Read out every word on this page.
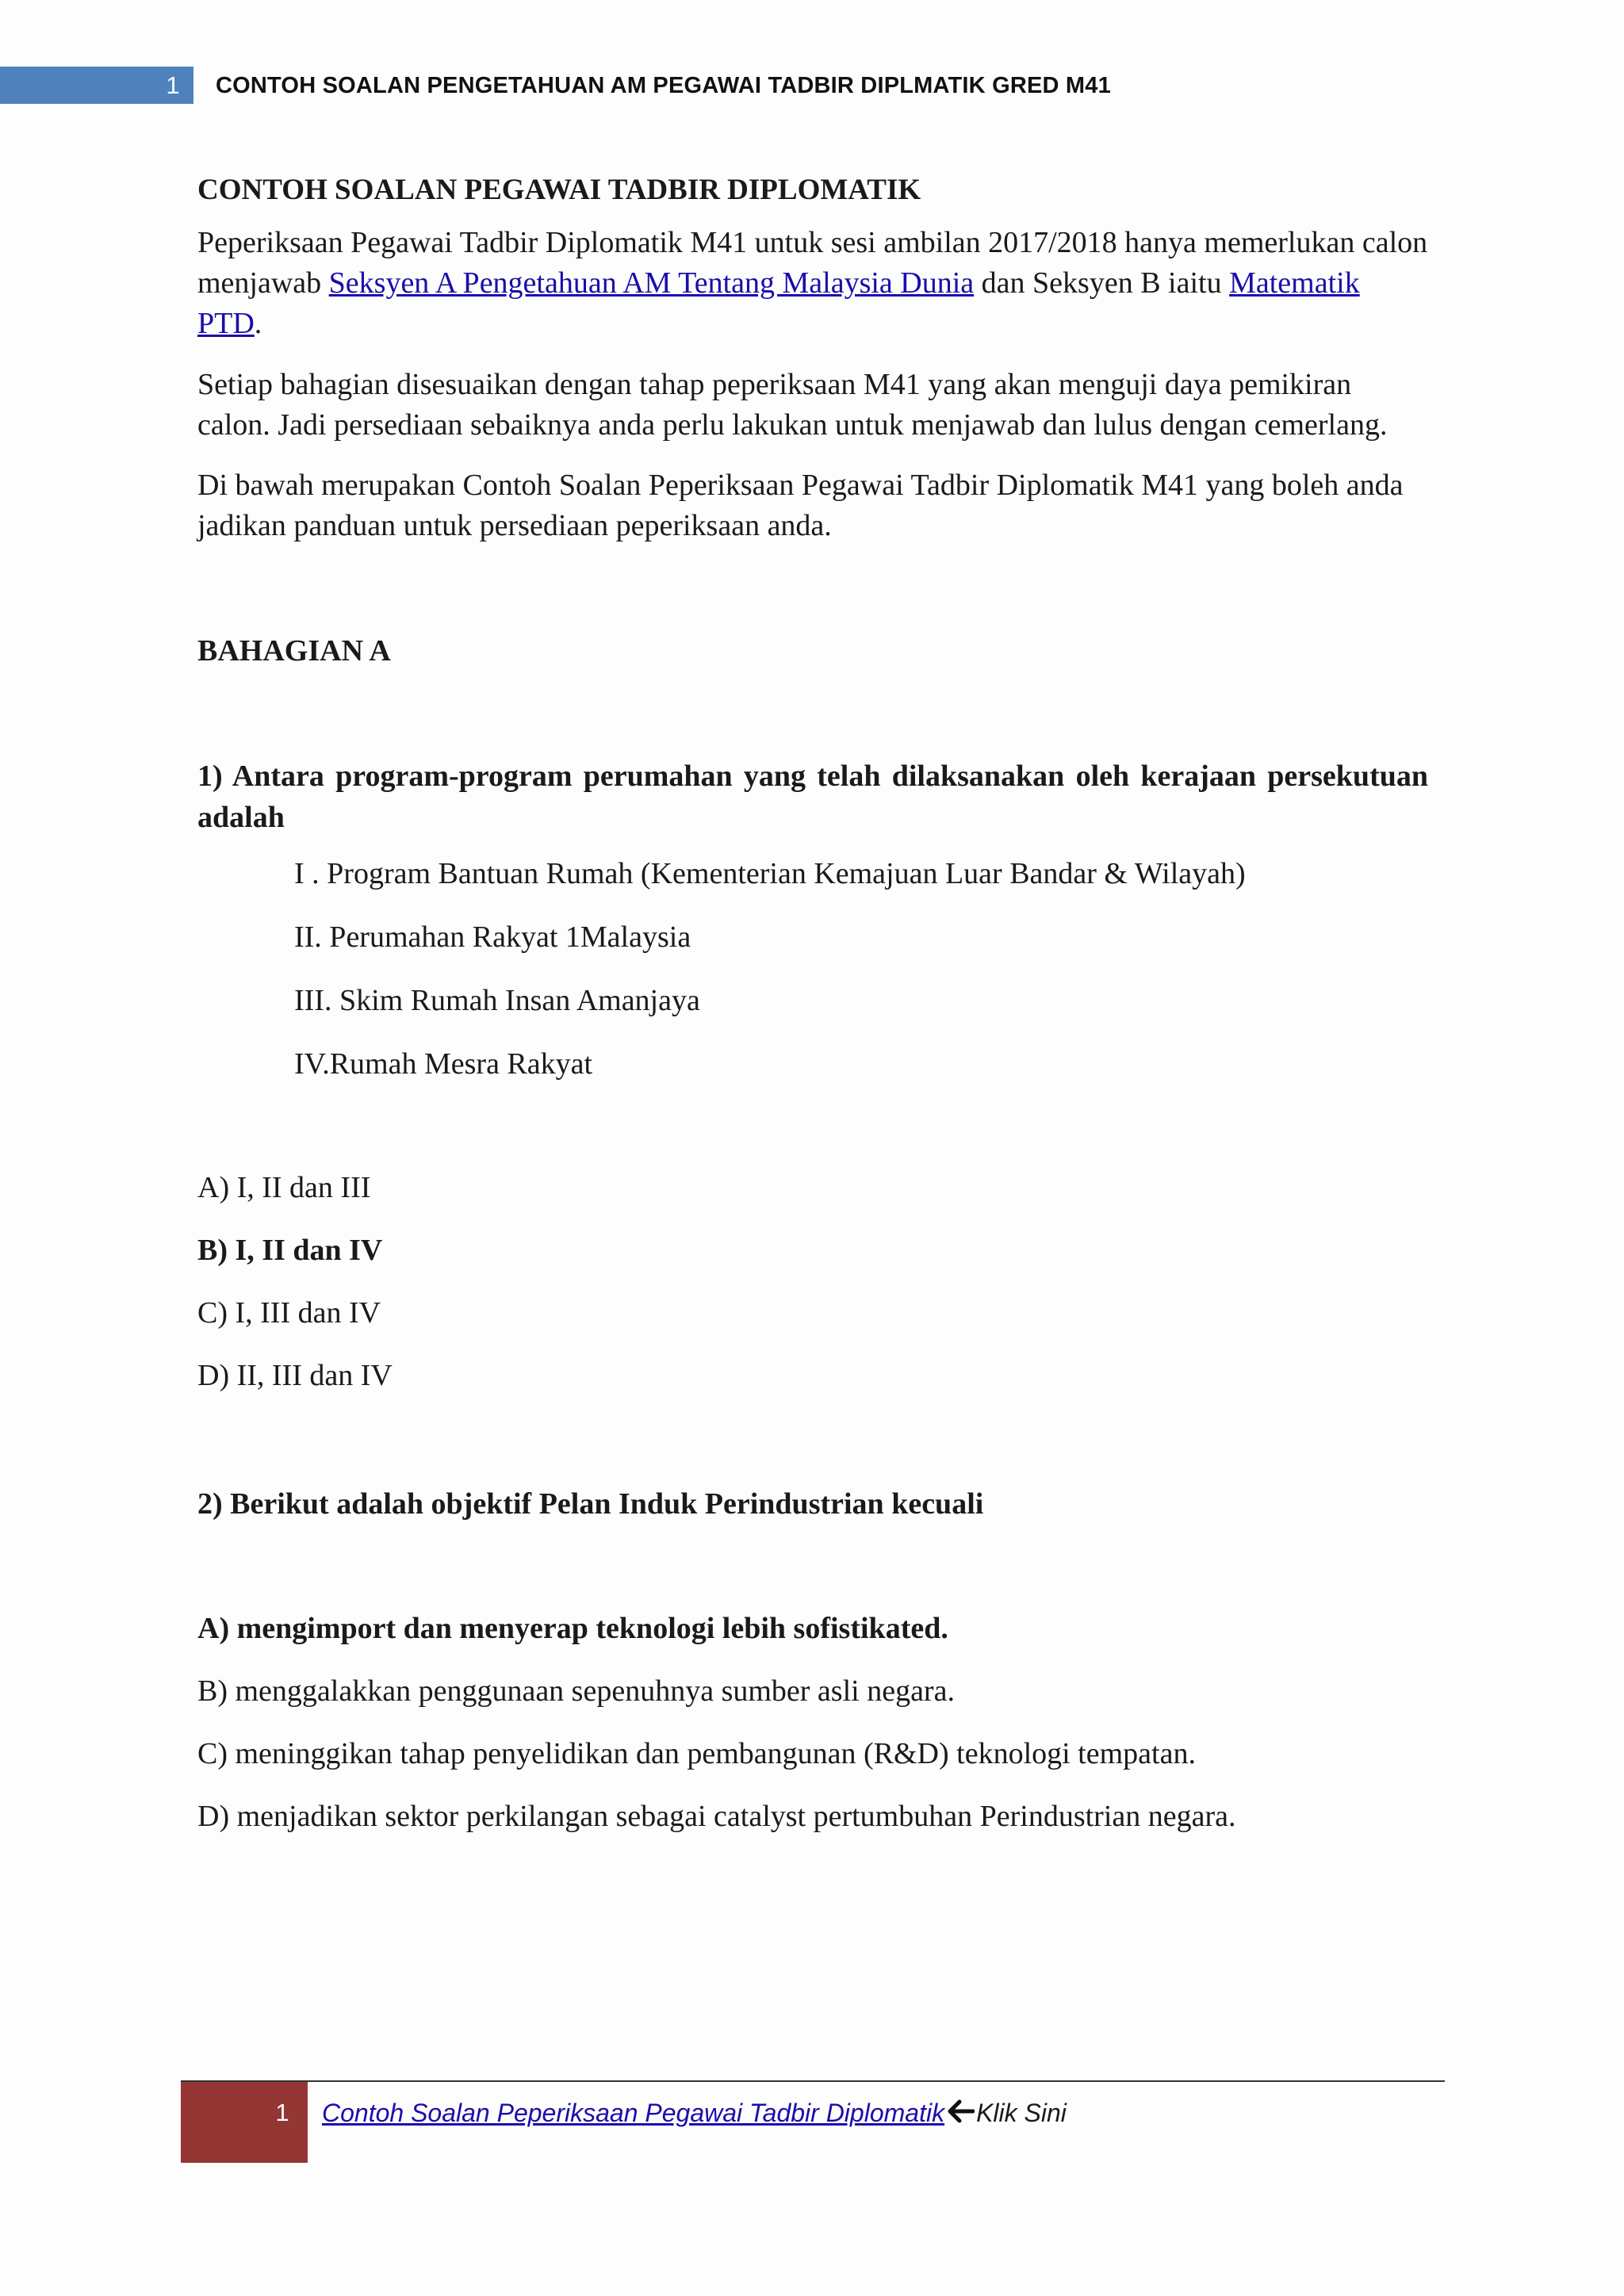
1	CONTOH SOALAN PENGETAHUAN AM PEGAWAI TADBIR DIPLMATIK GRED M41
CONTOH SOALAN PEGAWAI TADBIR DIPLOMATIK

Peperiksaan Pegawai Tadbir Diplomatik M41 untuk sesi ambilan 2017/2018 hanya memerlukan calon menjawab Seksyen A Pengetahuan AM Tentang Malaysia Dunia dan Seksyen B iaitu Matematik PTD.

Setiap bahagian disesuaikan dengan tahap peperiksaan M41 yang akan menguji daya pemikiran calon. Jadi persediaan sebaiknya anda perlu lakukan untuk menjawab dan lulus dengan cemerlang.

Di bawah merupakan Contoh Soalan Peperiksaan Pegawai Tadbir Diplomatik M41 yang boleh anda jadikan panduan untuk persediaan peperiksaan anda.

BAHAGIAN A
1) Antara program-program perumahan yang telah dilaksanakan oleh kerajaan persekutuan adalah
I . Program Bantuan Rumah (Kementerian Kemajuan Luar Bandar & Wilayah)
II. Perumahan Rakyat 1Malaysia
III. Skim Rumah Insan Amanjaya
IV.Rumah Mesra Rakyat
A) I, II dan III
B) I, II dan IV
C) I, III dan IV
D) II, III dan IV
2) Berikut adalah objektif Pelan Induk Perindustrian kecuali
A) mengimport dan menyerap teknologi lebih sofistikated.
B) menggalakkan penggunaan sepenuhnya sumber asli negara.
C) meninggikan tahap penyelidikan dan pembangunan (R&D) teknologi tempatan.
D) menjadikan sektor perkilangan sebagai catalyst pertumbuhan Perindustrian negara.
1	Contoh Soalan Peperiksaan Pegawai Tadbir Diplomatik Klik Sini
